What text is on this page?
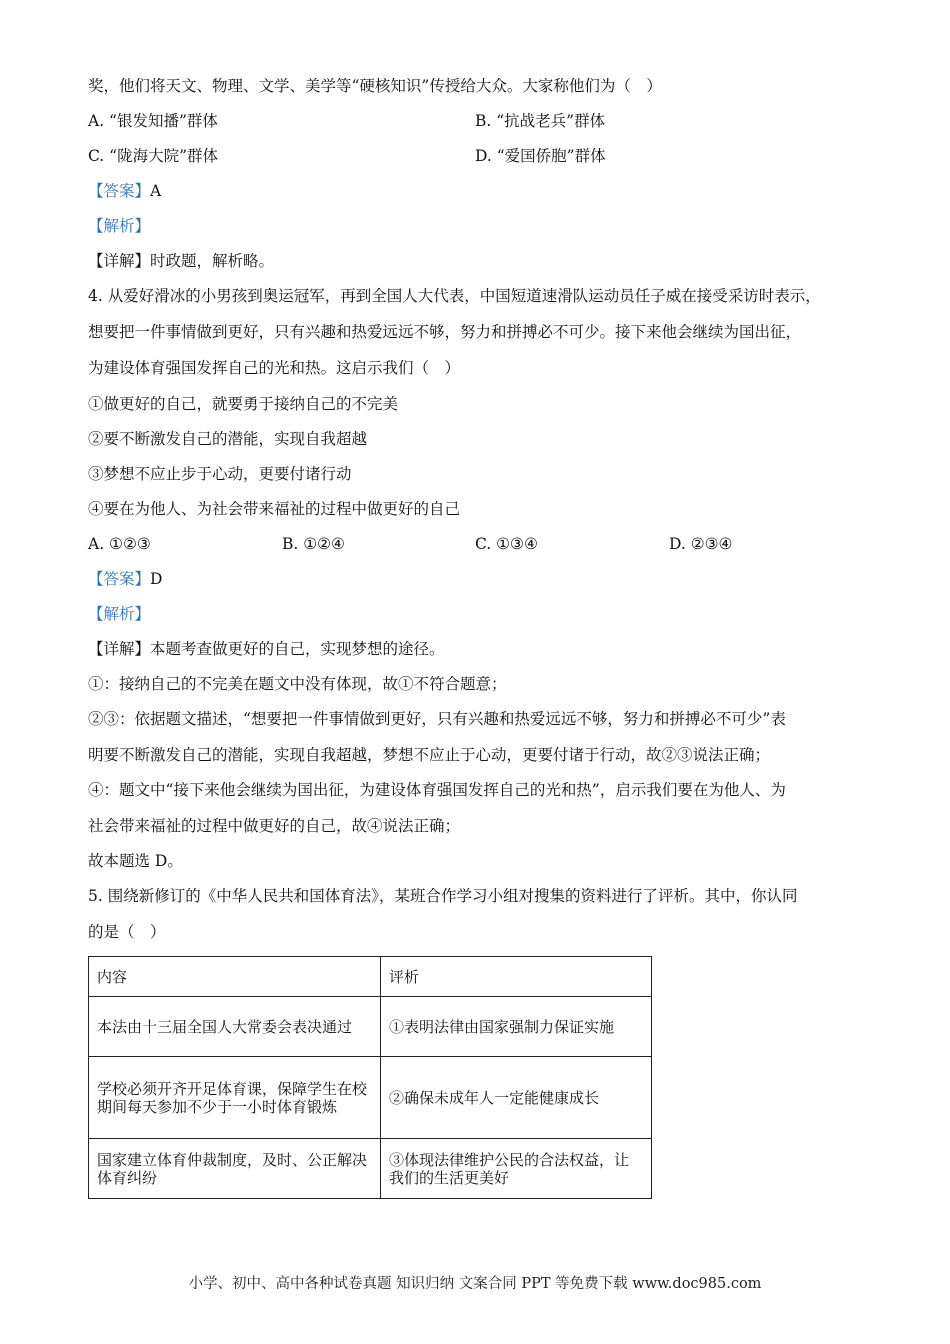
奖，他们将天文、物理、文学、美学等“硬核知识”传授给大众。大家称他们为（　）
A. “银发知播”群体	B. “抗战老兵”群体
C. “陇海大院”群体	D. “爱国侨胞”群体
【答案】A
【解析】
【详解】时政题，解析略。
4. 从爱好滑冰的小男孩到奥运冠军，再到全国人大代表，中国短道速滑队运动员任子威在接受采访时表示，
想要把一件事情做到更好，只有兴趣和热爱远远不够，努力和拼搏必不可少。接下来他会继续为国出征，
为建设体育强国发挥自己的光和热。这启示我们（　）
①做更好的自己，就要勇于接纳自己的不完美
②要不断激发自己的潜能，实现自我超越
③梦想不应止步于心动，更要付诸行动
④要在为他人、为社会带来福祉的过程中做更好的自己
A. ①②③	B. ①②④	C. ①③④	D. ②③④
【答案】D
【解析】
【详解】本题考查做更好的自己，实现梦想的途径。
①：接纳自己的不完美在题文中没有体现，故①不符合题意；
②③：依据题文描述，“想要把一件事情做到更好，只有兴趣和热爱远远不够，努力和拼搏必不可少”表
明要不断激发自己的潜能，实现自我超越，梦想不应止于心动，更要付诸于行动，故②③说法正确；
④：题文中“接下来他会继续为国出征，为建设体育强国发挥自己的光和热”，启示我们要在为他人、为
社会带来福祉的过程中做更好的自己，故④说法正确；
故本题选 D。
5. 围绕新修订的《中华人民共和国体育法》，某班合作学习小组对搜集的资料进行了评析。其中，你认同
的是（　）
内容	评析
本法由十三届全国人大常委会表决通过	①表明法律由国家强制力保证实施
学校必须开齐开足体育课，保障学生在校期间每天参加不少于一小时体育锻炼	②确保未成年人一定能健康成长
国家建立体育仲裁制度，及时、公正解决体育纠纷	③体现法律维护公民的合法权益，让我们的生活更美好
小学、初中、高中各种试卷真题 知识归纳 文案合同 PPT 等免费下载 www.doc985.com
